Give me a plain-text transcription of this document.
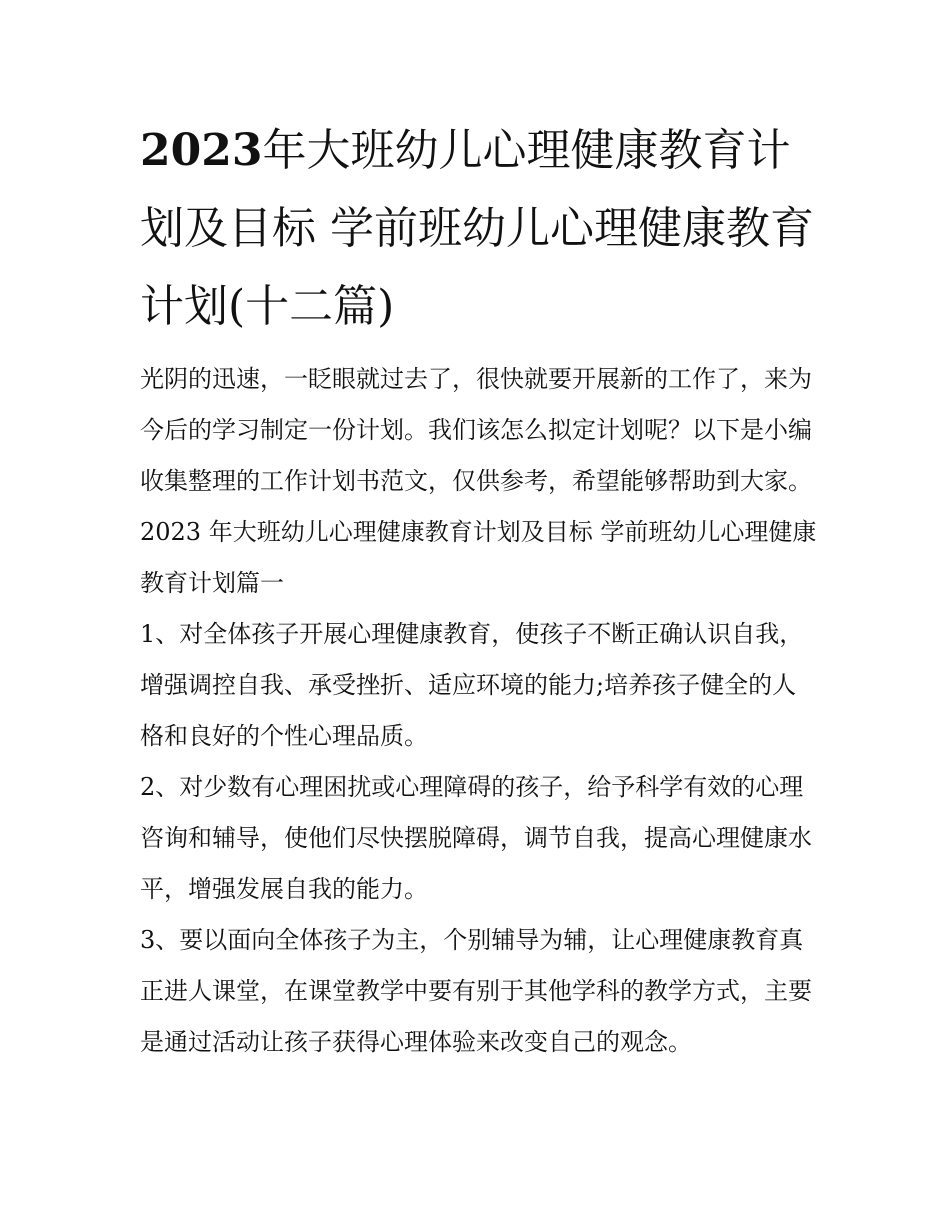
2023年大班幼儿心理健康教育计划及目标 学前班幼儿心理健康教育计划(十二篇)

光阴的迅速，一眨眼就过去了，很快就要开展新的工作了，来为今后的学习制定一份计划。我们该怎么拟定计划呢？以下是小编收集整理的工作计划书范文，仅供参考，希望能够帮助到大家。

2023 年大班幼儿心理健康教育计划及目标 学前班幼儿心理健康教育计划篇一

1、对全体孩子开展心理健康教育，使孩子不断正确认识自我，增强调控自我、承受挫折、适应环境的能力;培养孩子健全的人格和良好的个性心理品质。

2、对少数有心理困扰或心理障碍的孩子，给予科学有效的心理咨询和辅导，使他们尽快摆脱障碍，调节自我，提高心理健康水平，增强发展自我的能力。

3、要以面向全体孩子为主，个别辅导为辅，让心理健康教育真正进人课堂，在课堂教学中要有别于其他学科的教学方式，主要是通过活动让孩子获得心理体验来改变自己的观念。
